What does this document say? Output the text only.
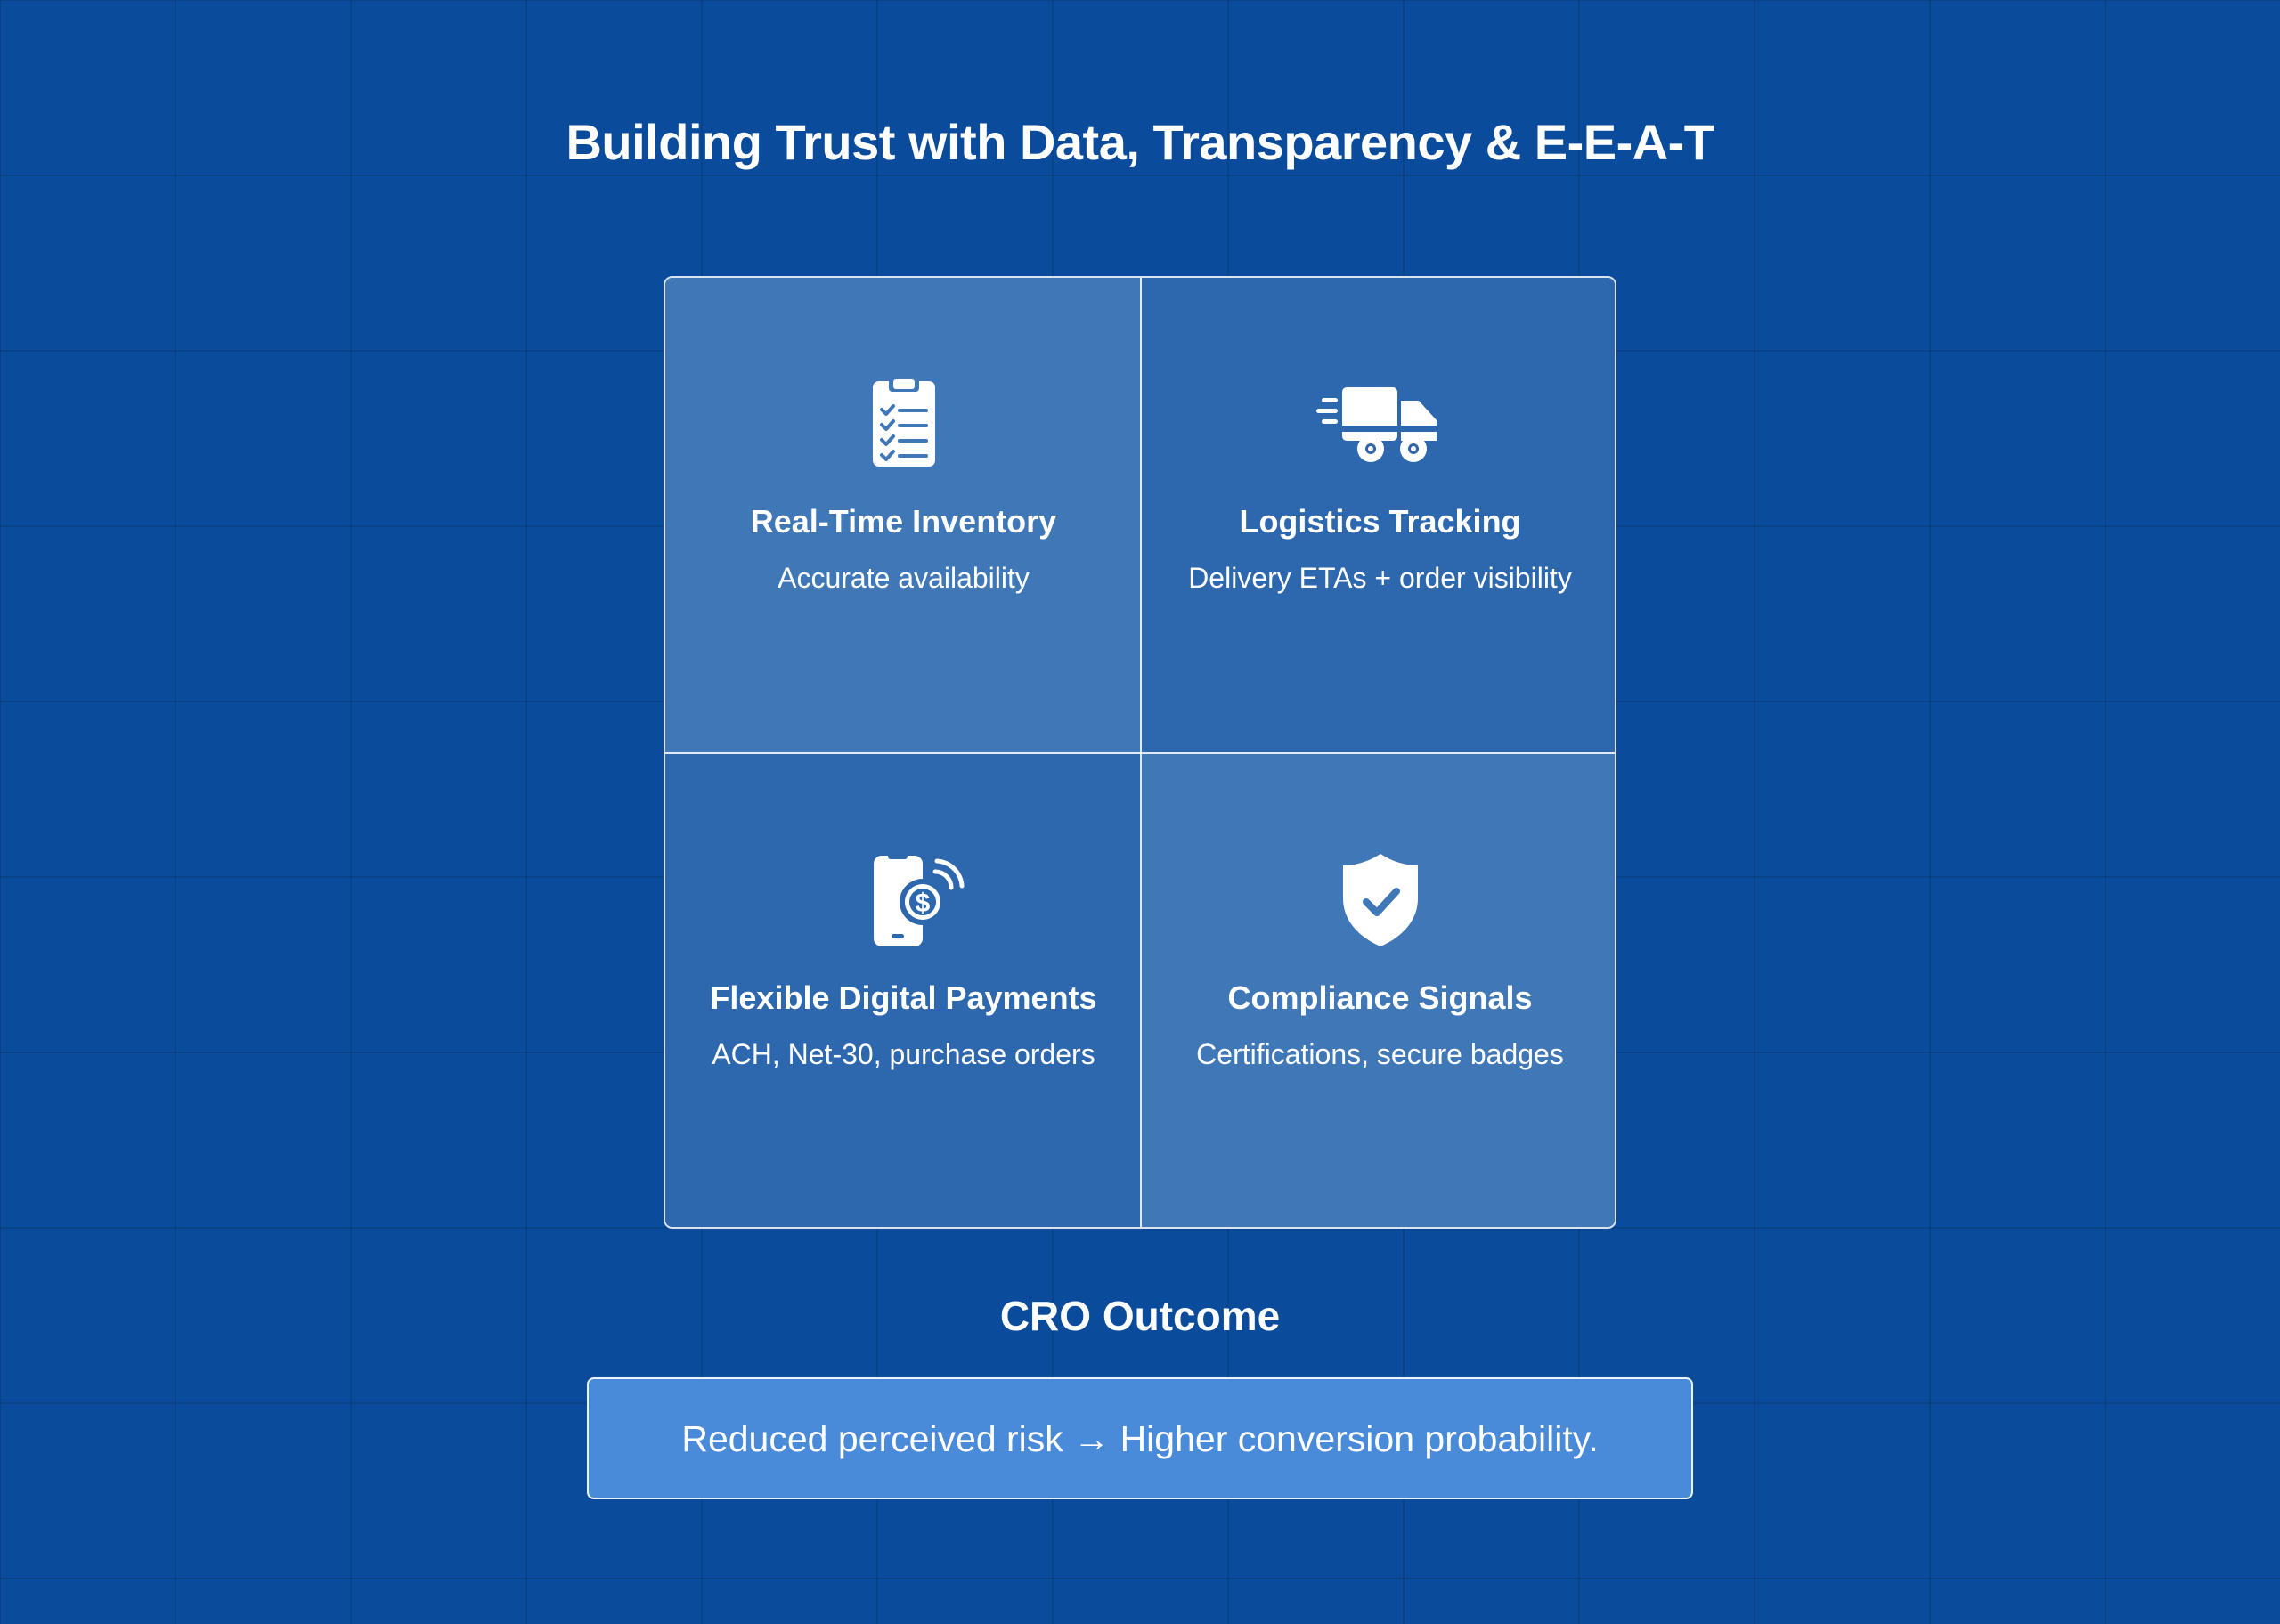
Building Trust with Data, Transparency & E-E-A-T
Real-Time Inventory
Accurate availability
Logistics Tracking
Delivery ETAs + order visibility
$
Flexible Digital Payments
ACH, Net-30, purchase orders
Compliance Signals
Certifications, secure badges
CRO Outcome
Reduced perceived risk → Higher conversion probability.
